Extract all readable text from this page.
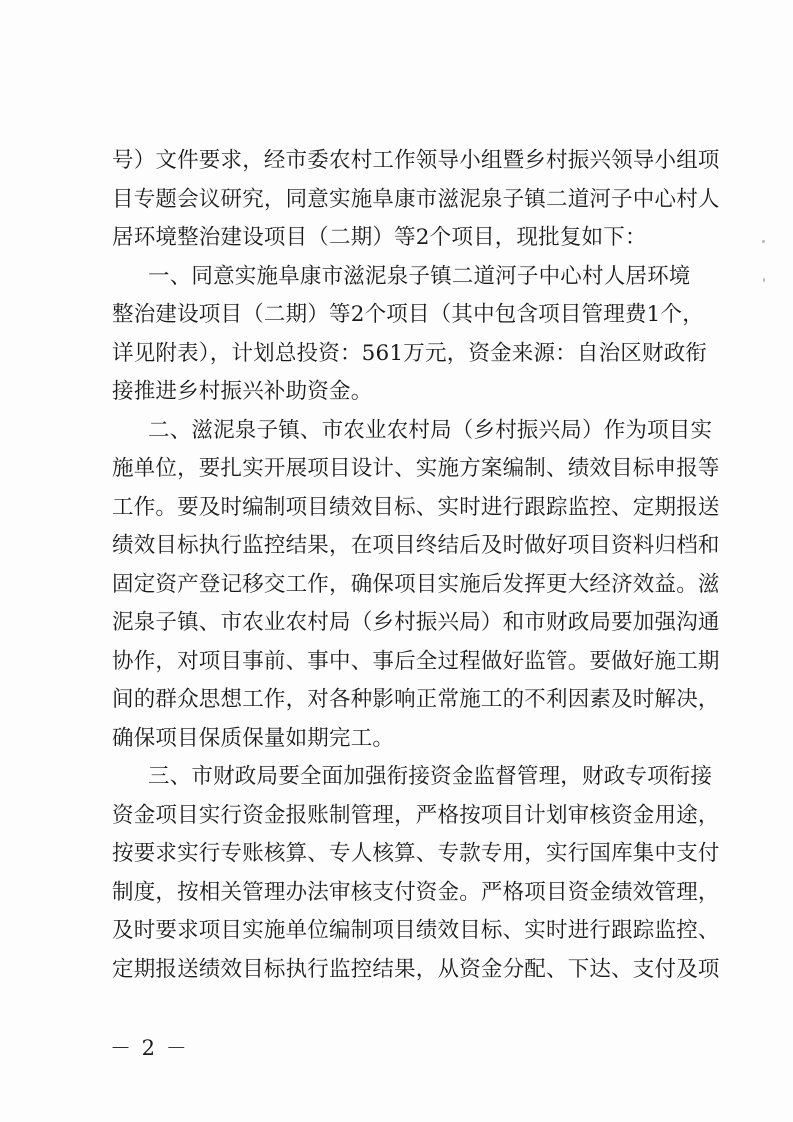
号）文件要求，经市委农村工作领导小组暨乡村振兴领导小组项
目专题会议研究，同意实施阜康市滋泥泉子镇二道河子中心村人
居环境整治建设项目（二期）等2个项目，现批复如下：
一、同意实施阜康市滋泥泉子镇二道河子中心村人居环境
整治建设项目（二期）等2个项目（其中包含项目管理费1个，
详见附表），计划总投资：561万元，资金来源：自治区财政衔
接推进乡村振兴补助资金。
二、滋泥泉子镇、市农业农村局（乡村振兴局）作为项目实
施单位，要扎实开展项目设计、实施方案编制、绩效目标申报等
工作。要及时编制项目绩效目标、实时进行跟踪监控、定期报送
绩效目标执行监控结果，在项目终结后及时做好项目资料归档和
固定资产登记移交工作，确保项目实施后发挥更大经济效益。滋
泥泉子镇、市农业农村局（乡村振兴局）和市财政局要加强沟通
协作，对项目事前、事中、事后全过程做好监管。要做好施工期
间的群众思想工作，对各种影响正常施工的不利因素及时解决，
确保项目保质保量如期完工。
三、市财政局要全面加强衔接资金监督管理，财政专项衔接
资金项目实行资金报账制管理，严格按项目计划审核资金用途，
按要求实行专账核算、专人核算、专款专用，实行国库集中支付
制度，按相关管理办法审核支付资金。严格项目资金绩效管理，
及时要求项目实施单位编制项目绩效目标、实时进行跟踪监控、
定期报送绩效目标执行监控结果，从资金分配、下达、支付及项
－ 2 －
